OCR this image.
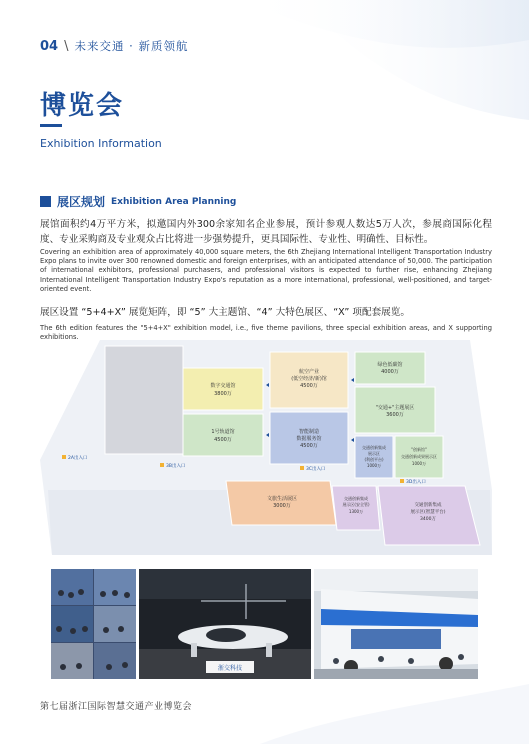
04 \ 未来交通 · 新质领航
博览会
Exhibition Information
展区规划 Exhibition Area Planning
展馆面积约4万平方米，拟邀国内外300余家知名企业参展，预计参观人数达5万人次，参展商国际化程度、专业采购商及专业观众占比将进一步强势提升，更具国际性、专业性、明确性、目标性。
Covering an exhibition area of approximately 40,000 square meters, the 6th Zhejiang International Intelligent Transportation Industry Expo plans to invite over 300 renowned domestic and foreign enterprises, with an anticipated attendance of 50,000. The participation of international exhibitors, professional purchasers, and professional visitors is expected to further rise, enhancing Zhejiang International Intelligent Transportation Industry Expo's reputation as a more international, professional, well-positioned, and target-oriented event.
展区设置 “5+4+X” 展览矩阵，即 “5” 大主题馆、“4” 大特色展区、“X” 项配套展览。
The 6th edition features the "5+4+X" exhibition model, i.e., five theme pavilions, three special exhibition areas, and X supporting exhibitions.
数字交通馆
3800万
1号轨道馆
4500万
航空产业
(低空经济/新)馆
4500万
智能制造
数据服务馆
4500万
绿色低碳馆
4000万
"交通+"主题展区
3600万
交通创新集成
展示区
(利创平台)
1000万
"创新馆"
交通创新成果展示区
1000万
文旅生活展区
3000万
交通创新集成
展示区(安全管)
1300万
交通创新集成
展示区(智慧平台)
3400万
2A出入口
3B出入口
3C出入口
3D出入口
浙交科技
第七届浙江国际智慧交通产业博览会
